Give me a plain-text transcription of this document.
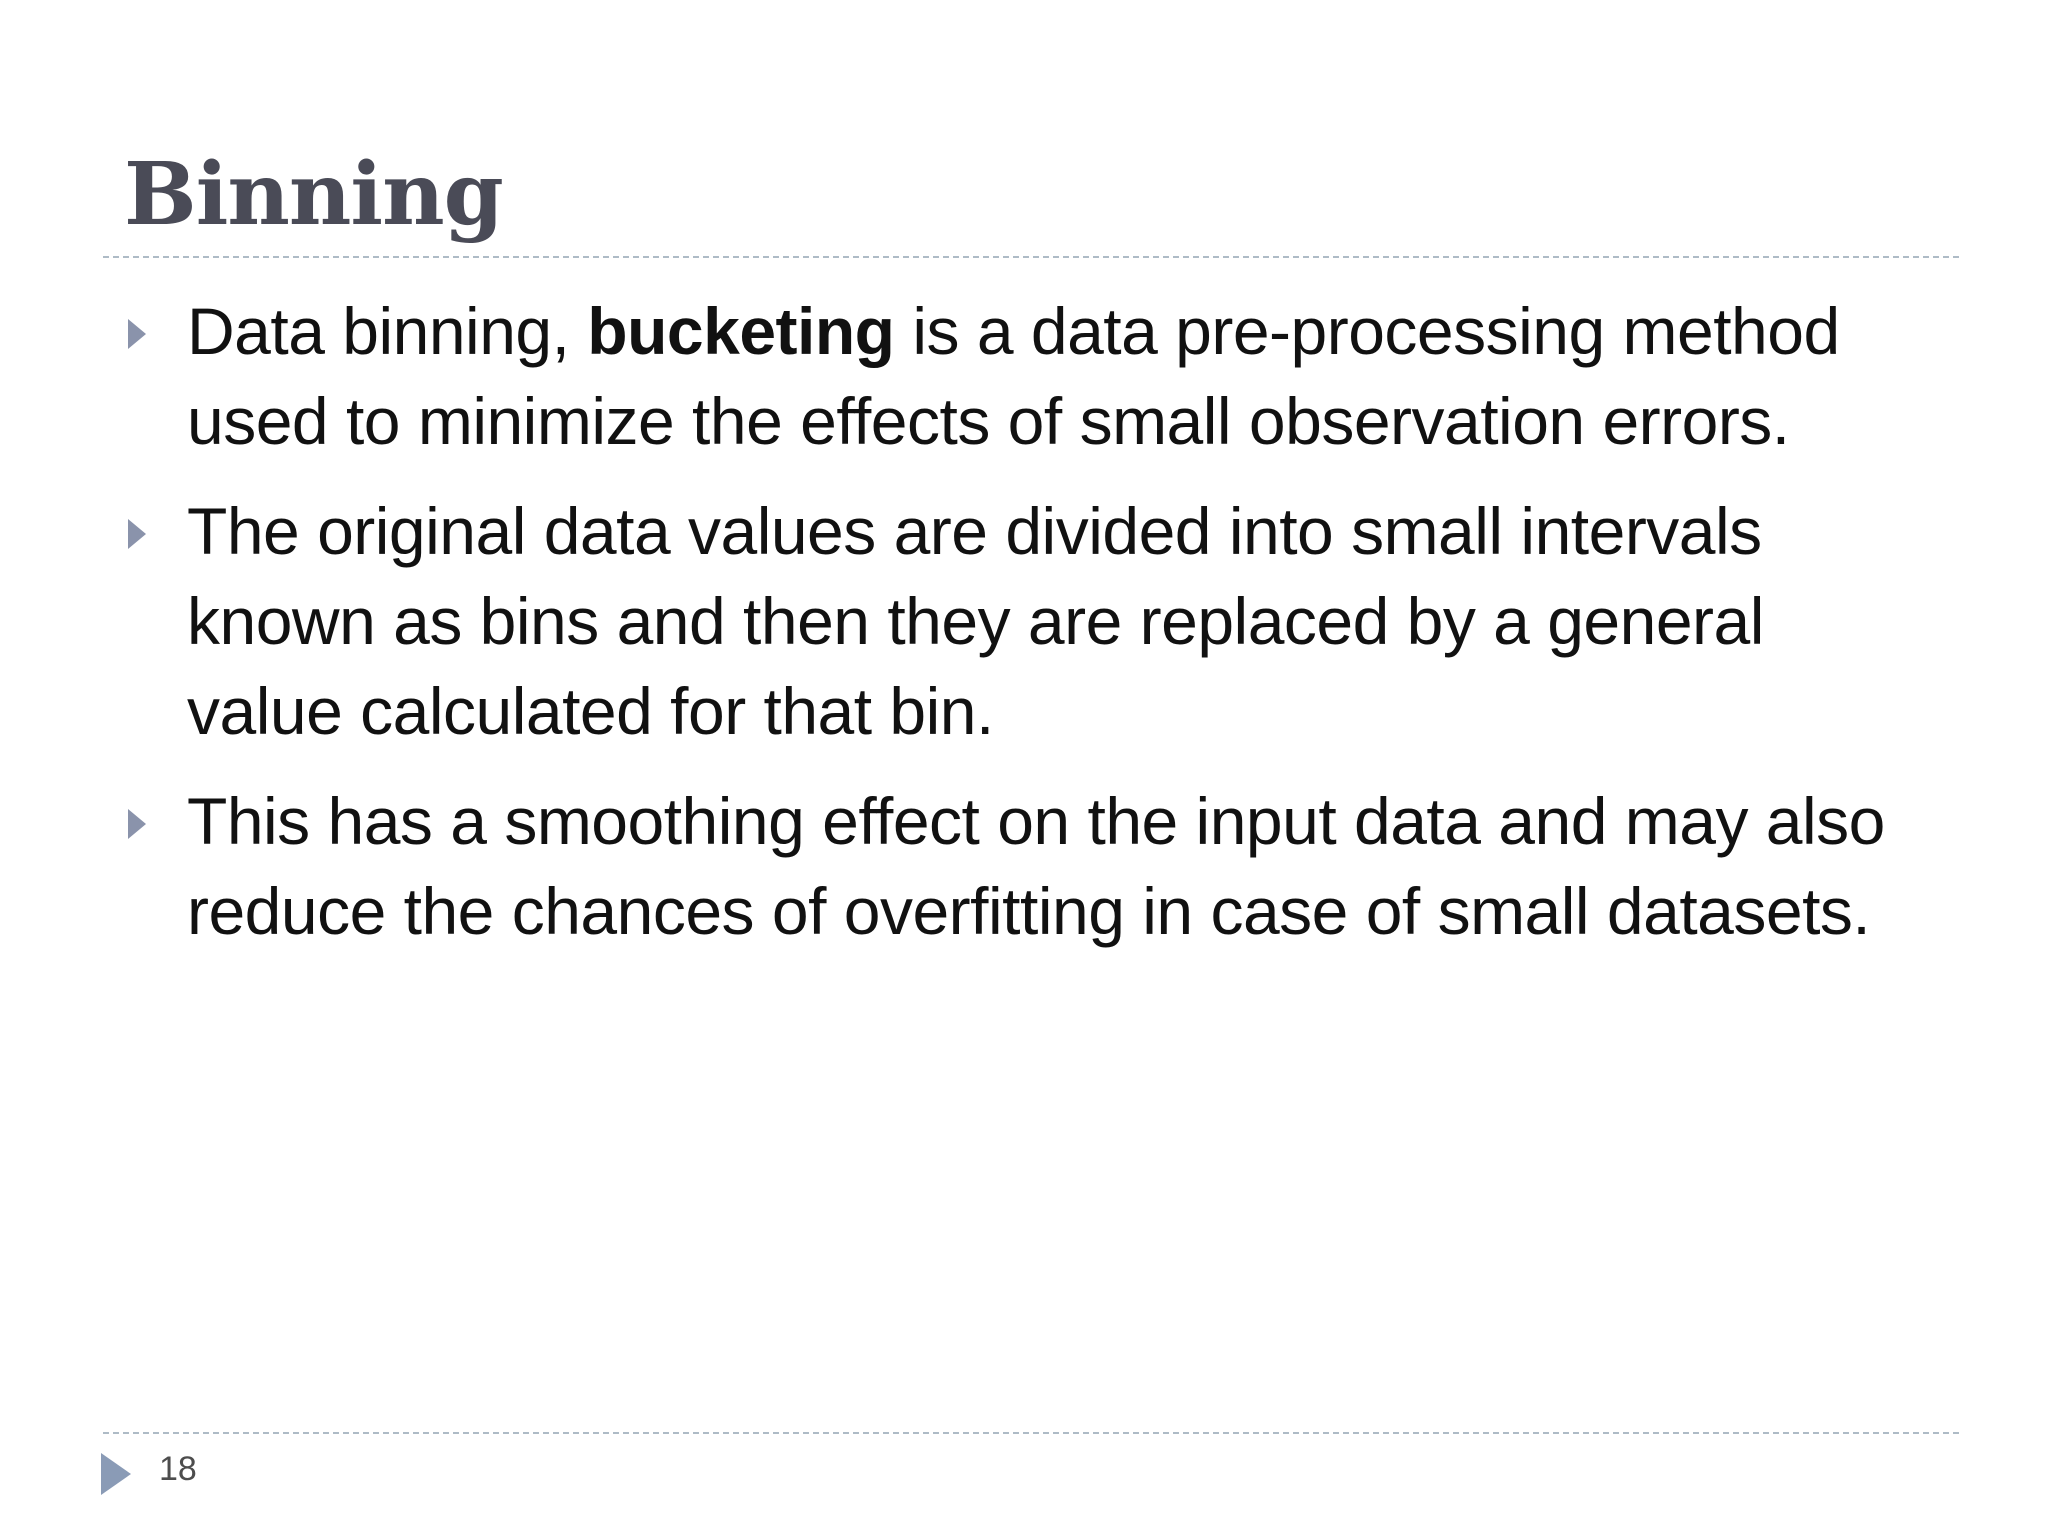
Binning
Data binning, bucketing is a data pre-processing method used to minimize the effects of small observation errors.
The original data values are divided into small intervals known as bins and then they are replaced by a general value calculated for that bin.
This has a smoothing effect on the input data and may also reduce the chances of overfitting in case of small datasets.
18
